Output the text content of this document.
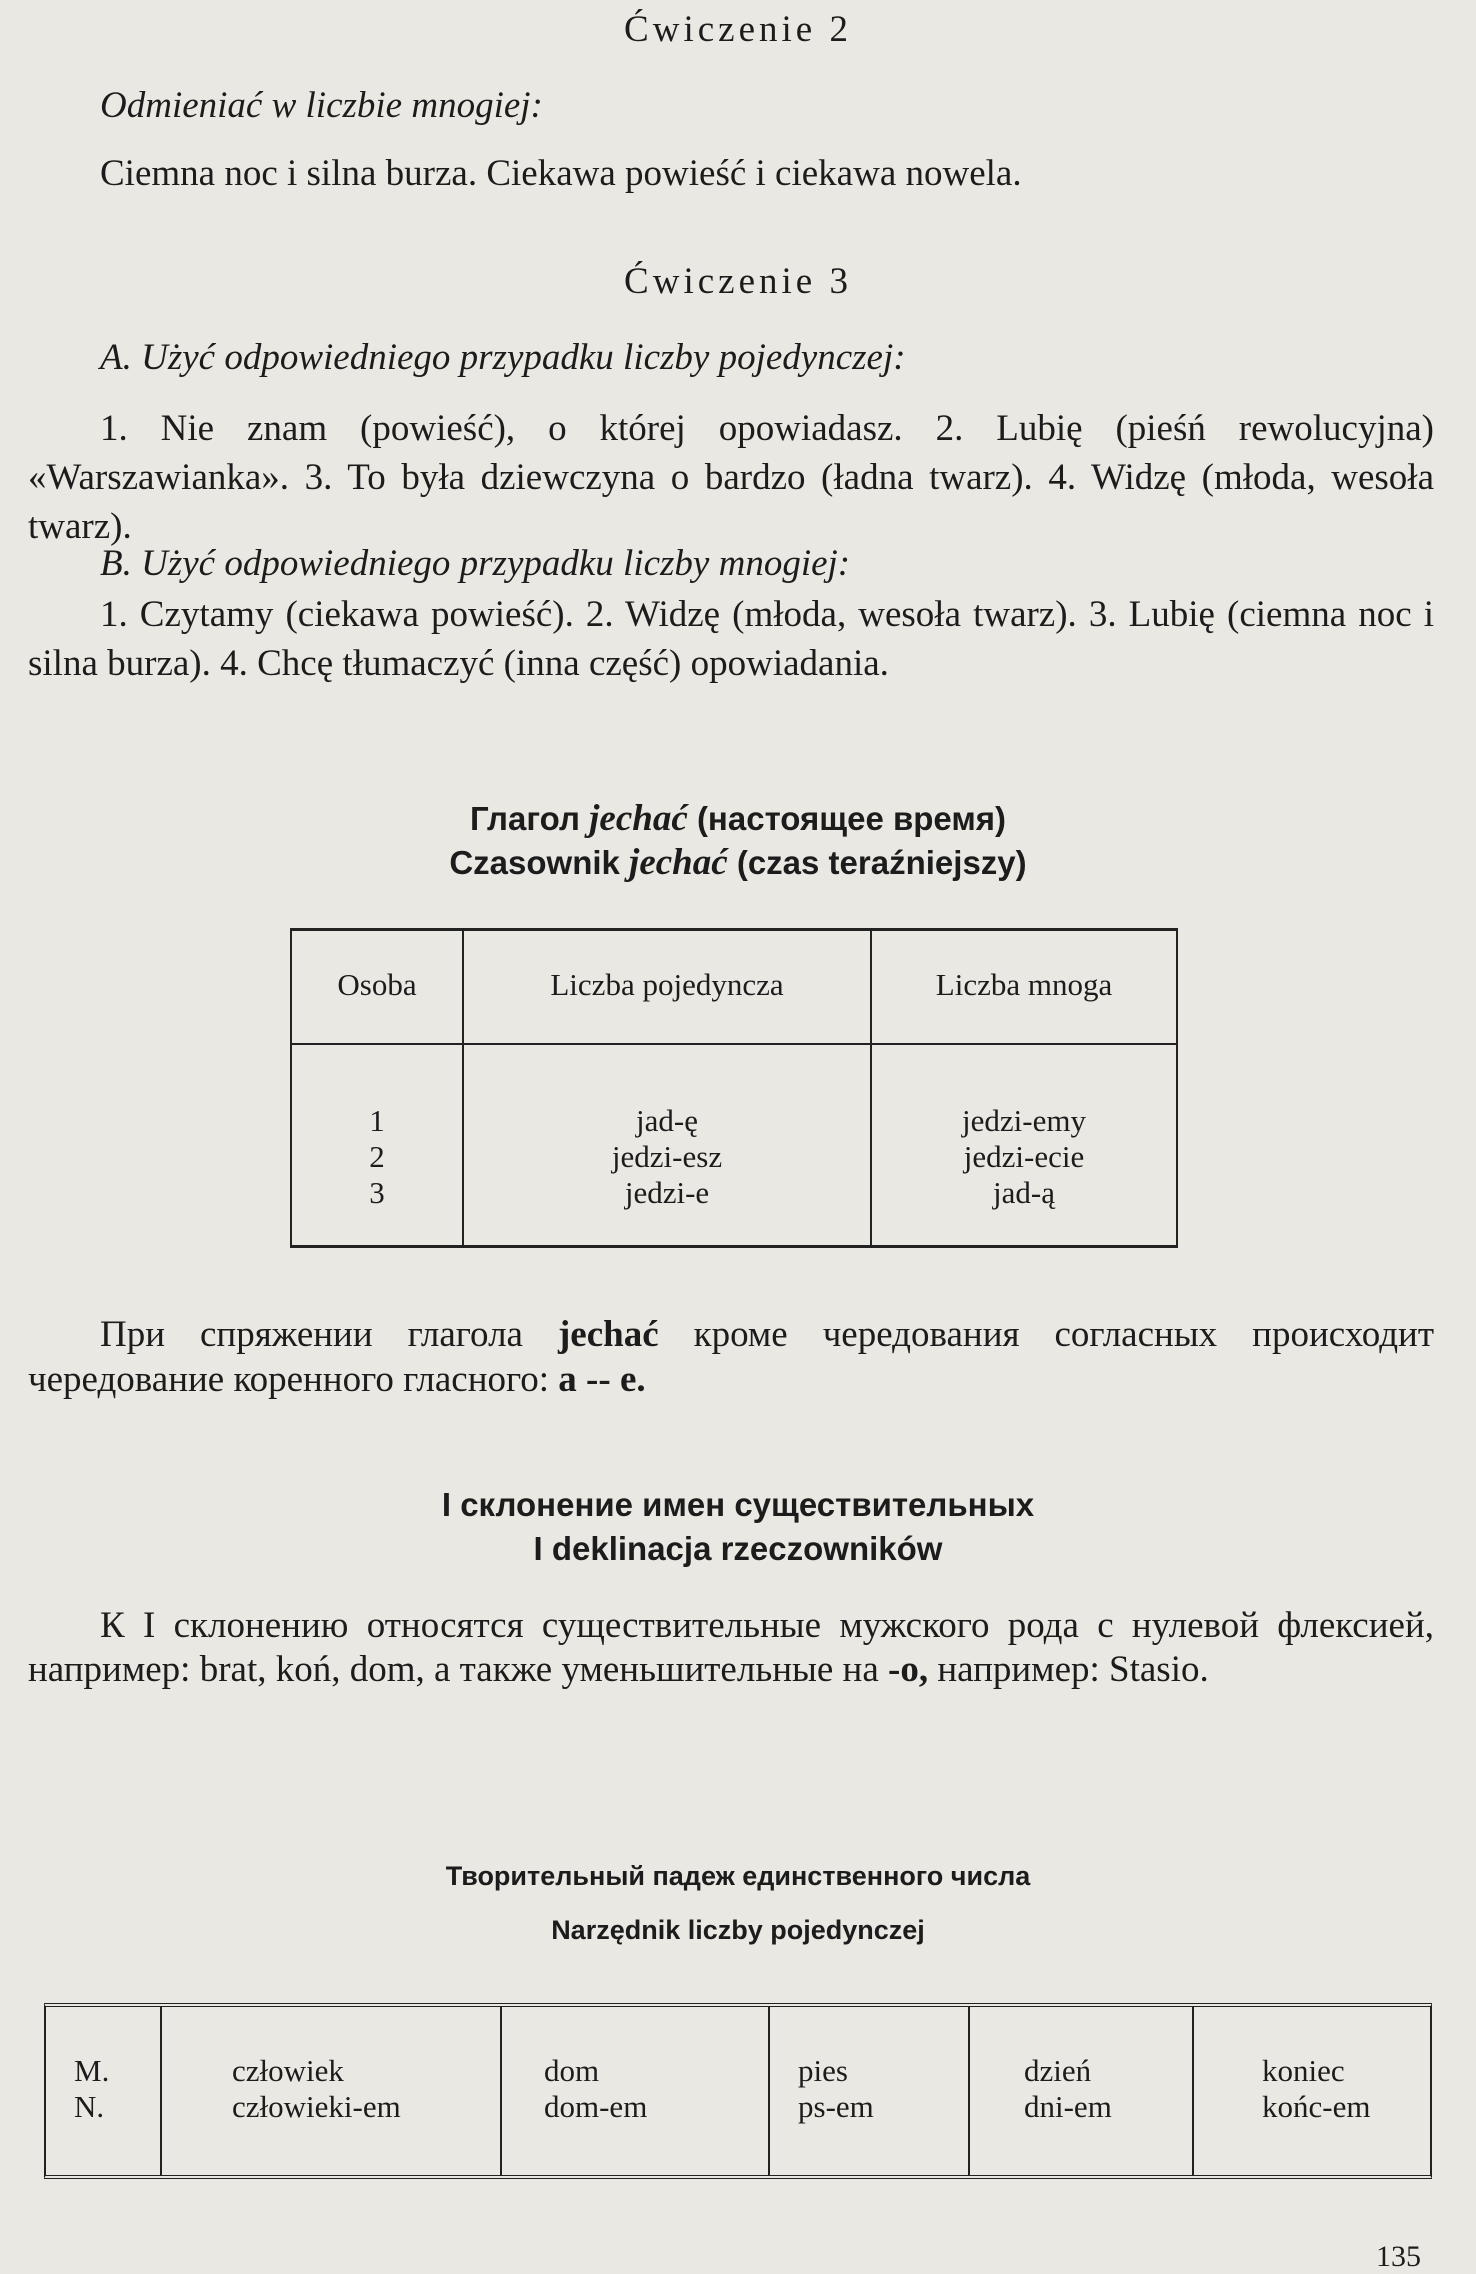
Ćwiczenie 2
Odmieniać w liczbie mnogiej:
Ciemna noc i silna burza. Ciekawa powieść i ciekawa nowela.
Ćwiczenie 3
A. Użyć odpowiedniego przypadku liczby pojedynczej:
1. Nie znam (powieść), o której opowiadasz. 2. Lubię (pieśń rewolucyjna) «Warszawianka». 3. To była dziewczyna o bardzo (ładna twarz). 4. Widzę (młoda, wesoła twarz).
B. Użyć odpowiedniego przypadku liczby mnogiej:
1. Czytamy (ciekawa powieść). 2. Widzę (młoda, wesoła twarz). 3. Lubię (ciemna noc i silna burza). 4. Chcę tłumaczyć (inna część) opowiadania.
Глагол jechać (настоящее время)
Czasownik jechać (czas teraźniejszy)
Osoba	Liczba pojedyncza	Liczba mnoga
1
2
3
jad-ę
jedzi-esz
jedzi-e
jedzi-emy
jedzi-ecie
jad-ą
При спряжении глагола jechać кроме чередования согласных происходит чередование коренного гласного: a -- e.
I склонение имен существительных
I deklinacja rzeczowników
К I склонению относятся существительные мужского рода с нулевой флексией, например: brat, koń, dom, а также уменьшительные на -o, например: Stasio.
Творительный падеж единственного числа
Narzędnik liczby pojedynczej
M.
N.
człowiek
człowieki-em
dom
dom-em
pies
ps-em
dzień
dni-em
koniec
końc-em
135
